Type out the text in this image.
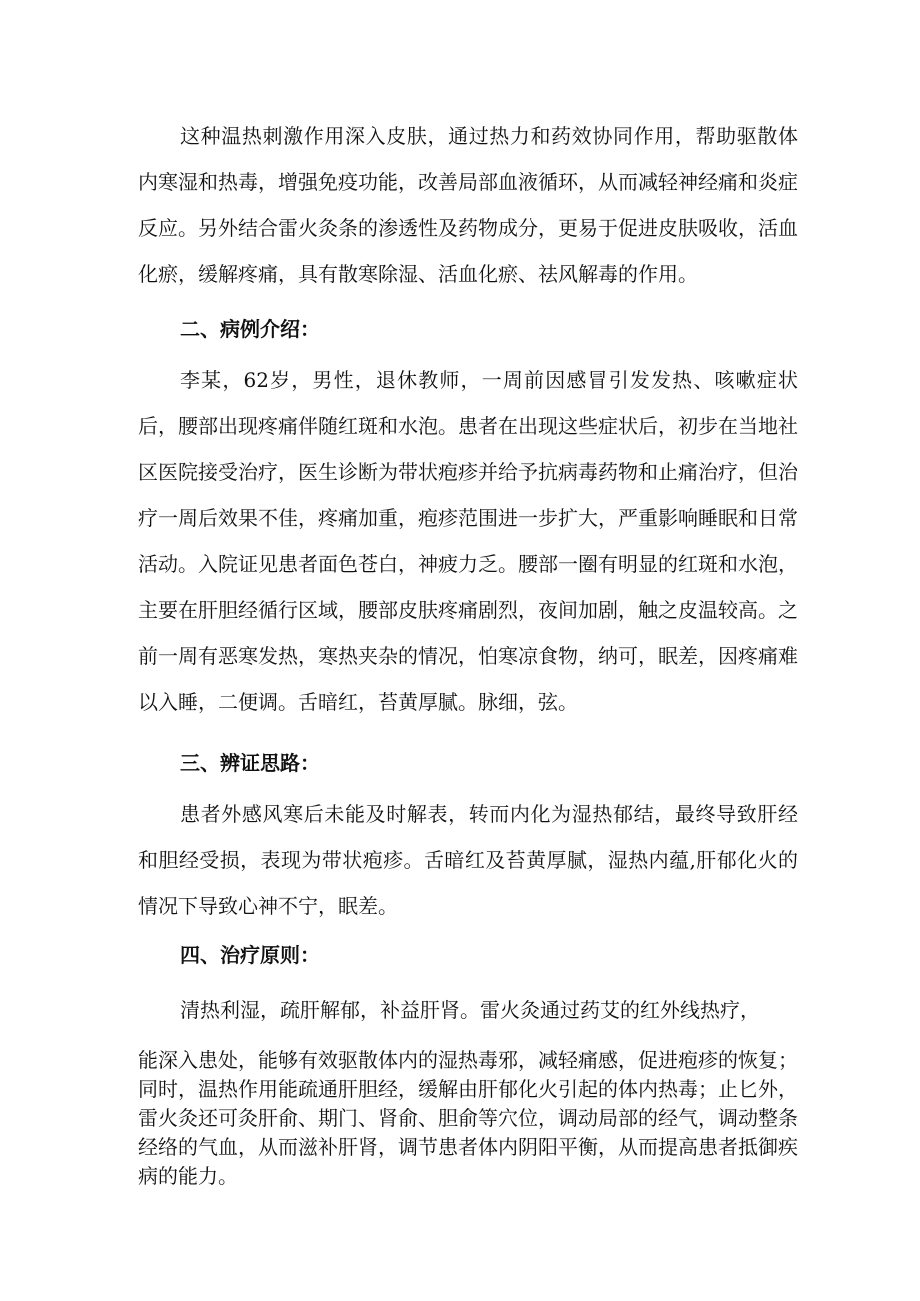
这种温热刺激作用深入皮肤，通过热力和药效协同作用，帮助驱散体内寒湿和热毒，增强免疫功能，改善局部血液循环，从而减轻神经痛和炎症反应。另外结合雷火灸条的渗透性及药物成分，更易于促进皮肤吸收，活血化瘀，缓解疼痛，具有散寒除湿、活血化瘀、祛风解毒的作用。

二、病例介绍：

李某，62岁，男性，退休教师，一周前因感冒引发发热、咳嗽症状后，腰部出现疼痛伴随红斑和水泡。患者在出现这些症状后，初步在当地社区医院接受治疗，医生诊断为带状疱疹并给予抗病毒药物和止痛治疗，但治疗一周后效果不佳，疼痛加重，疱疹范围进一步扩大，严重影响睡眠和日常活动。入院证见患者面色苍白，神疲力乏。腰部一圈有明显的红斑和水泡，主要在肝胆经循行区域，腰部皮肤疼痛剧烈，夜间加剧，触之皮温较高。之前一周有恶寒发热，寒热夹杂的情况，怕寒凉食物，纳可，眠差，因疼痛难以入睡，二便调。舌暗红，苔黄厚腻。脉细，弦。

三、辨证思路：

患者外感风寒后未能及时解表，转而内化为湿热郁结，最终导致肝经和胆经受损，表现为带状疱疹。舌暗红及苔黄厚腻，湿热内蕴,肝郁化火的情况下导致心神不宁，眠差。

四、治疗原则：

清热利湿，疏肝解郁，补益肝肾。雷火灸通过药艾的红外线热疗，

能深入患处，能够有效驱散体内的湿热毒邪，减轻痛感，促进疱疹的恢复；同时，温热作用能疏通肝胆经，缓解由肝郁化火引起的体内热毒；止匕外，雷火灸还可灸肝俞、期门、肾俞、胆俞等穴位，调动局部的经气，调动整条经络的气血，从而滋补肝肾，调节患者体内阴阳平衡，从而提高患者抵御疾病的能力。
